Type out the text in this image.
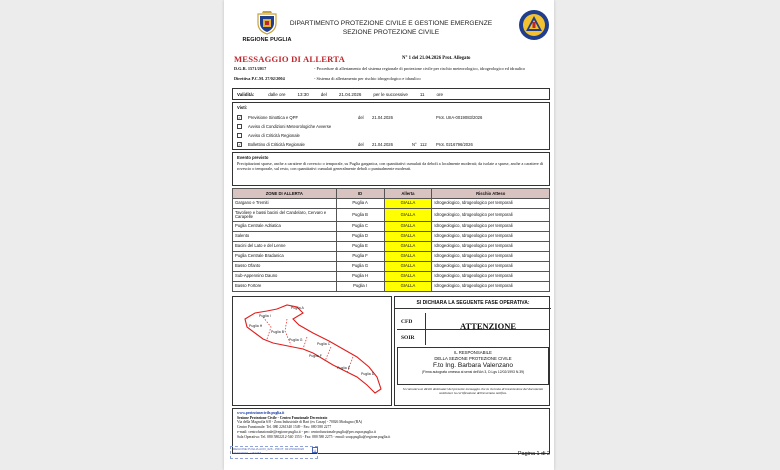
REGIONE PUGLIA
DIPARTIMENTO PROTEZIONE CIVILE E GESTIONE EMERGENZE
SEZIONE PROTEZIONE CIVILE
MESSAGGIO DI ALLERTA	N° 1 del 21.04.2026 Prot. Allegato
D.G.R. 1571/2017	- Procedure di allertamento del sistema regionale di protezione civile per rischio meteorologico, idrogeologico ed idraulico
Direttiva P.C.M. 27/02/2004	- Sistema di allertamento per rischio idrogeologico e idraulico
Validità:	dalle ore	13:30	del	21.04.2026	per le successive	11	ore
Visti:
✓ Previsione Sinottica e QPF	del	21.04.2026	Prot. UIIA-0019083/2026
Avviso di Condizioni Meteorologiche Avverse
Avviso di Criticità Regionale
✓ Bollettino di Criticità Regionale	del	21.04.2026	N° 112	Prot. 0216796/2026
Evento previsto
Precipitazioni sparse, anche a carattere di rovescio o temporale, su Puglia garganica, con quantitativi cumulati da deboli a localmente moderati; da isolate a sparse, anche a carattere di rovescio o temporale, sul resto, con quantitativi cumulati generalmente deboli o puntualmente moderati.
ZONE DI ALLERTA	ID	Allerta	Rischio Atteso
Gargano e Tremiti	Puglia A	GIALLA	Idrogeologico, Idrogeologico per temporali
Tavoliere e bassi bacini del Candelaro, Cervaro e Carapelle	Puglia B	GIALLA	Idrogeologico, Idrogeologico per temporali
Puglia Centrale Adriatica	Puglia C	GIALLA	Idrogeologico, Idrogeologico per temporali
Salento	Puglia D	GIALLA	Idrogeologico, Idrogeologico per temporali
Bacini del Lato e del Lenne	Puglia E	GIALLA	Idrogeologico, Idrogeologico per temporali
Puglia Centrale Bradanica	Puglia F	GIALLA	Idrogeologico, Idrogeologico per temporali
Basso Ofanto	Puglia G	GIALLA	Idrogeologico, Idrogeologico per temporali
Sub-Appennino Dauno	Puglia H	GIALLA	Idrogeologico, Idrogeologico per temporali
Basso Fortore	Puglia I	GIALLA	Idrogeologico, Idrogeologico per temporali
Puglia A
Puglia B
Puglia C
Puglia D
Puglia E
Puglia F
Puglia G
Puglia H
Puglia I
SI DICHIARA LA SEGUENTE FASE OPERATIVA:
CFD
SOIR
ATTENZIONE
IL RESPONSABILE
DELLA SEZIONE PROTEZIONE CIVILE
F.to Ing. Barbara Valenzano
(Firma autografa omessa ai sensi dell'Art.3, D.Lgs 12/02/1993 N.39)
Si comunica ai diretti destinatari del presente messaggio che la ricevuta di trasmissione del documento sostituisce la certificazione dell'avvenuta notifica.
www.protezionecivile.puglia.it
Sezione Protezione Civile - Centro Funzionale Decentrato
Via della Magnolia 6/8 - Zona Industriale di Bari (ex Casap) - 70026 Modugno (BA)
Centro Funzionale: Tel. 080 2261340 1549 - Fax: 080 580 2277
e-mail: centrofunzionale@regione.puglia.it - pec: centrofunzionale.puglia@pec.rupar.puglia.it
Sala Operativa: Tel. 080 5802212-540 1553 - Fax: 080 580 2275 - email: soup.puglia@regione.puglia.it
REGIONE PUGLIA AOO_026 - PROT. 0217060/2026
21/04/2026 - USCITA	U
Pagina 1 di 2
